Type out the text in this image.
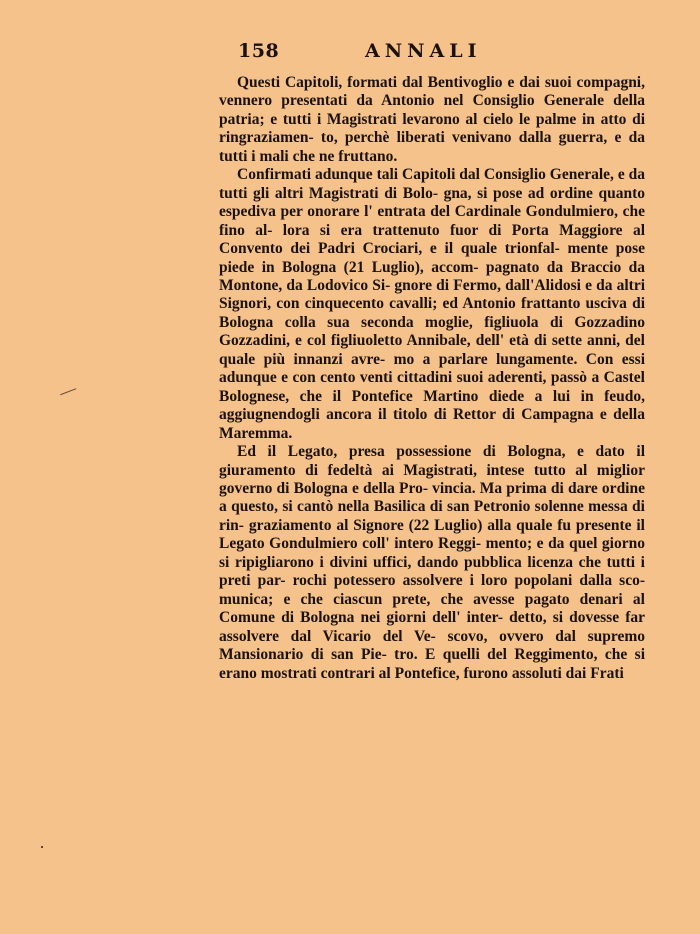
158	ANNALI

Questi Capitoli, formati dal Bentivoglio e dai suoi compagni, vennero presentati da Antonio nel Consiglio Generale della patria; e tutti i Magistrati levarono al cielo le palme in atto di ringraziamen- to, perchè liberati venivano dalla guerra, e da tutti i mali che ne fruttano.

Confirmati adunque tali Capitoli dal Consiglio Generale, e da tutti gli altri Magistrati di Bolo- gna, si pose ad ordine quanto espediva per onorare l' entrata del Cardinale Gondulmiero, che fino al- lora si era trattenuto fuor di Porta Maggiore al Convento dei Padri Crociari, e il quale trionfal- mente pose piede in Bologna (21 Luglio), accom- pagnato da Braccio da Montone, da Lodovico Si- gnore di Fermo, dall'Alidosi e da altri Signori, con cinquecento cavalli; ed Antonio frattanto usciva di Bologna colla sua seconda moglie, figliuola di Gozzadino Gozzadini, e col figliuoletto Annibale, dell' età di sette anni, del quale più innanzi avre- mo a parlare lungamente. Con essi adunque e con cento venti cittadini suoi aderenti, passò a Castel Bolognese, che il Pontefice Martino diede a lui in feudo, aggiugnendogli ancora il titolo di Rettor di Campagna e della Maremma.

Ed il Legato, presa possessione di Bologna, e dato il giuramento di fedeltà ai Magistrati, intese tutto al miglior governo di Bologna e della Pro- vincia. Ma prima di dare ordine a questo, si cantò nella Basilica di san Petronio solenne messa di rin- graziamento al Signore (22 Luglio) alla quale fu presente il Legato Gondulmiero coll' intero Reggi- mento; e da quel giorno si ripigliarono i divini uffici, dando pubblica licenza che tutti i preti par- rochi potessero assolvere i loro popolani dalla sco- munica; e che ciascun prete, che avesse pagato denari al Comune di Bologna nei giorni dell' inter- detto, si dovesse far assolvere dal Vicario del Ve- scovo, ovvero dal supremo Mansionario di san Pie- tro. E quelli del Reggimento, che si erano mostrati contrari al Pontefice, furono assoluti dai Frati
